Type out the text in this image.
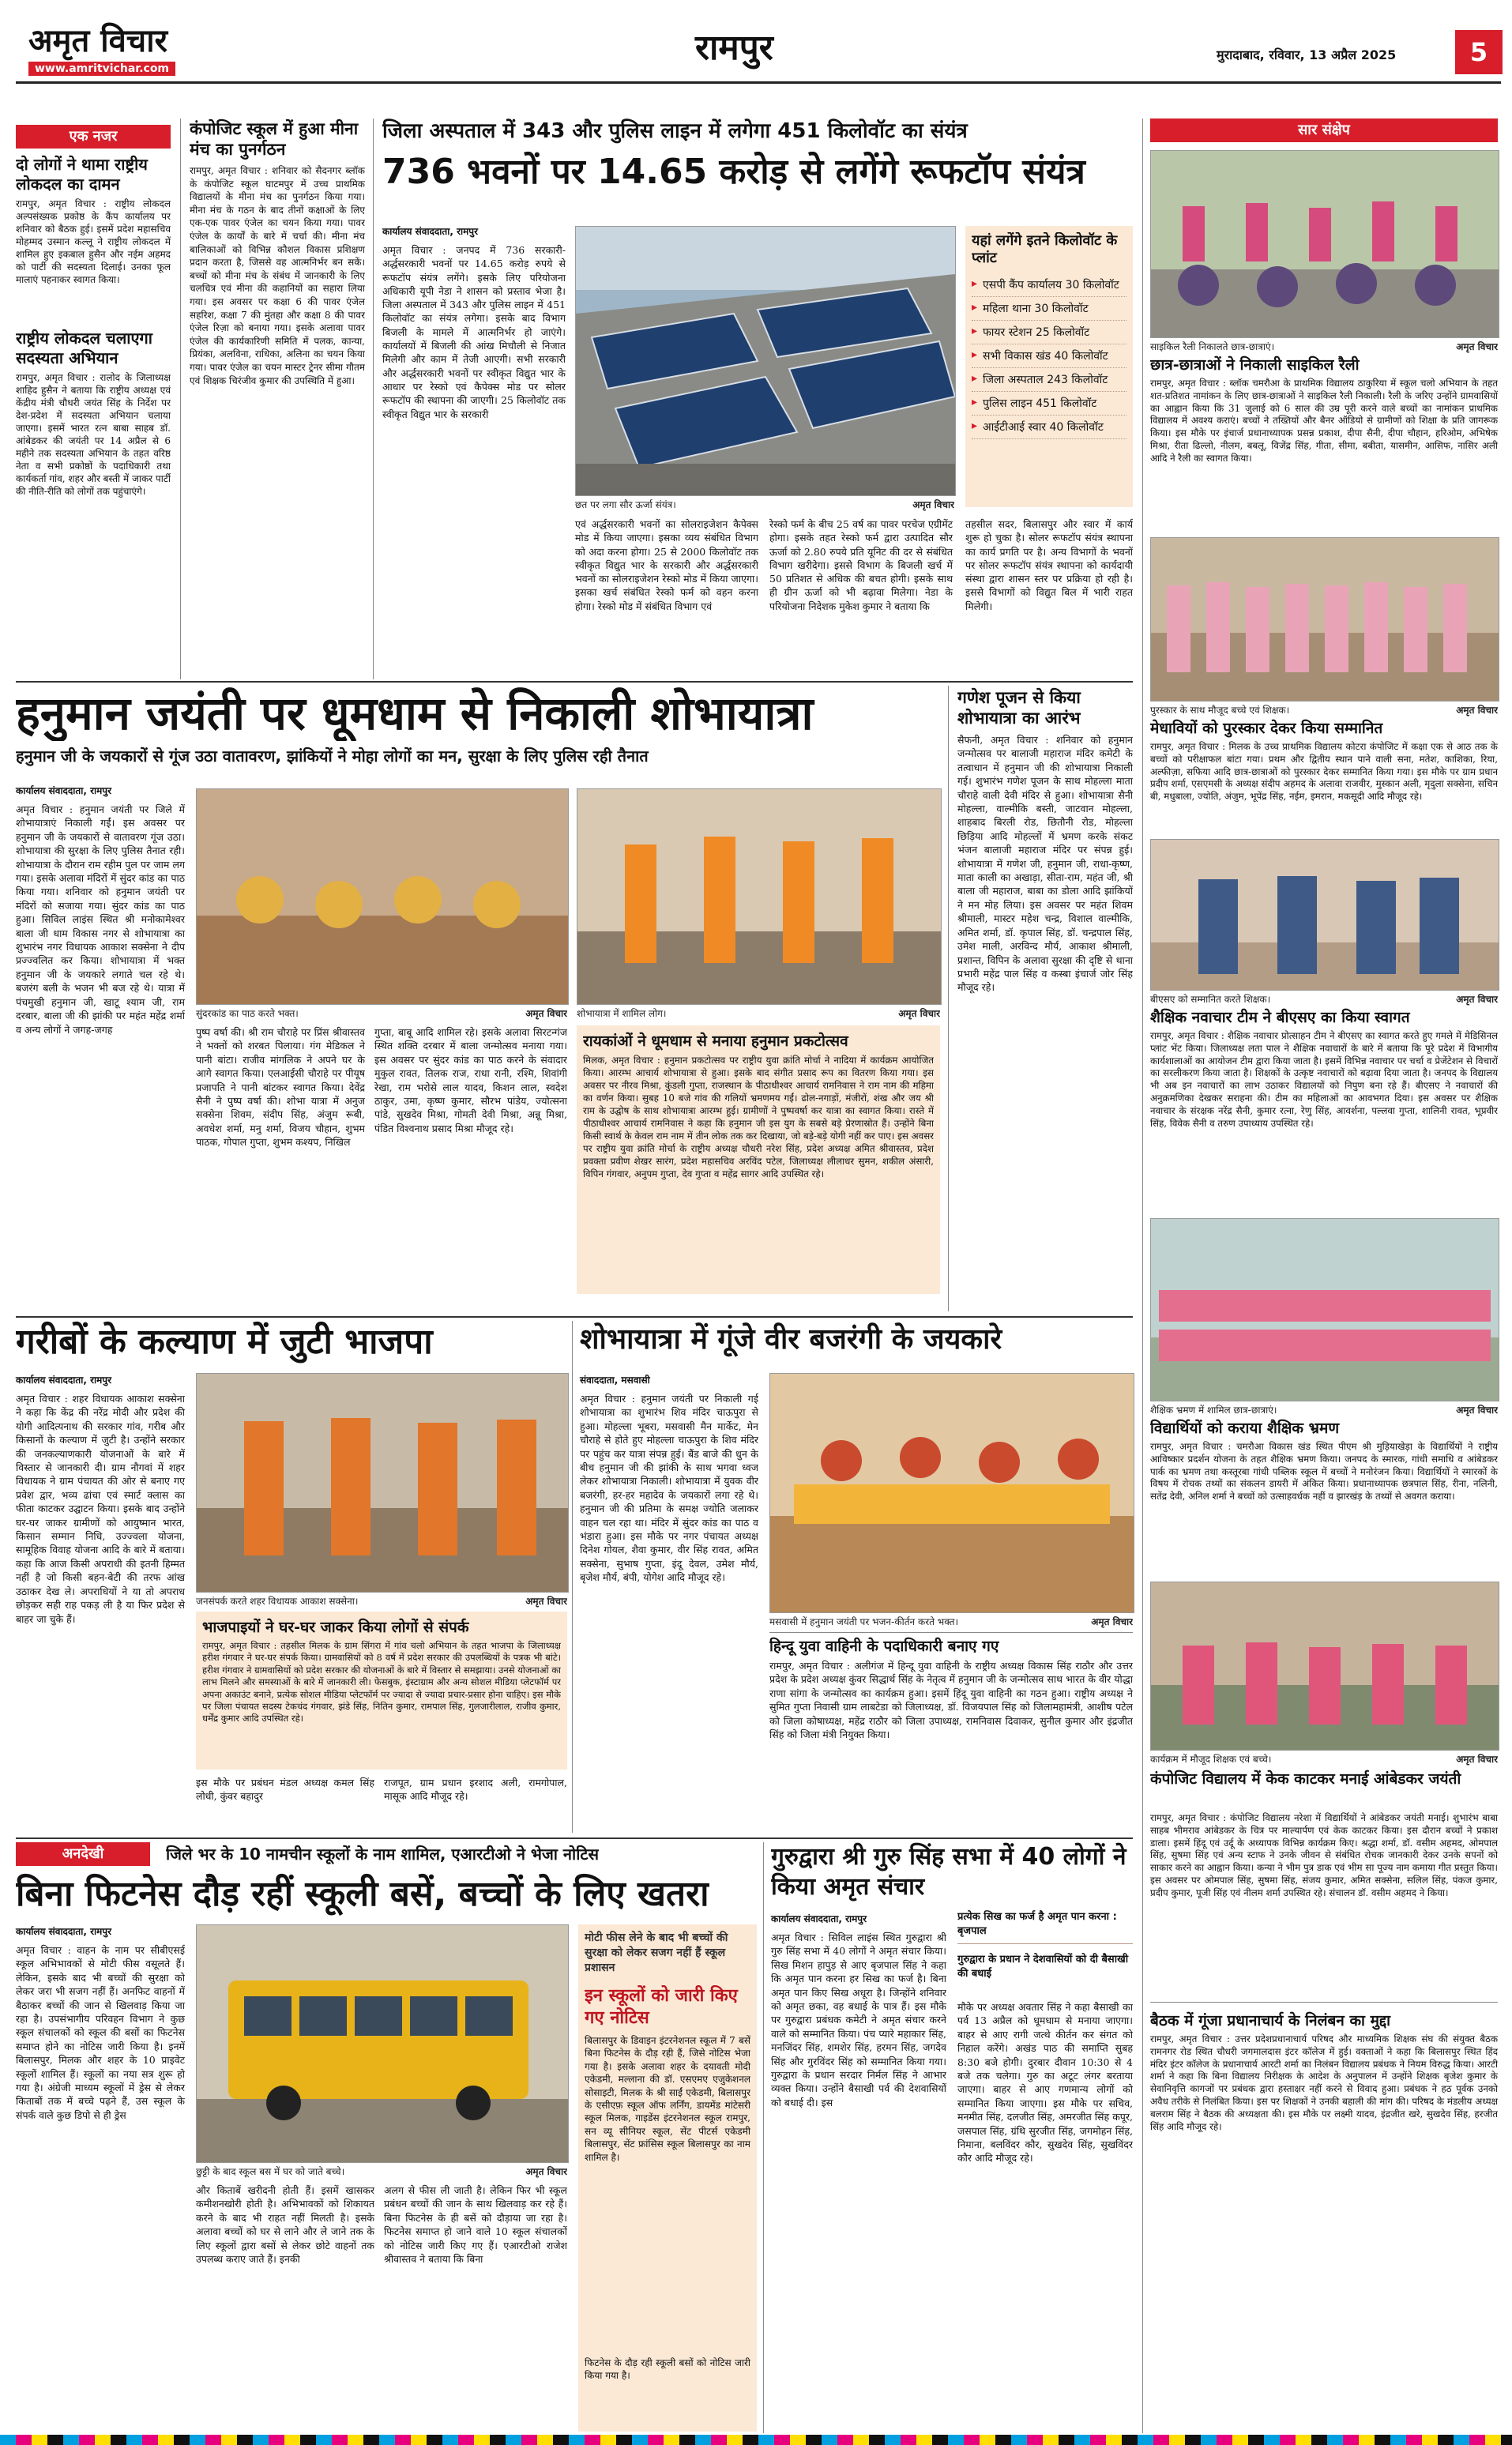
अमृत विचार
www.amritvichar.com
रामपुर	मुरादाबाद, रविवार, 13 अप्रैल 2025	5
एक नजर
दो लोगों ने थामा राष्ट्रीय लोकदल का दामन
रामपुर, अमृत विचार : राष्ट्रीय लोकदल अल्पसंख्यक प्रकोष्ठ के कैंप कार्यालय पर शनिवार को बैठक हुई। इसमें प्रदेश महासचिव मोहम्मद उस्मान कल्लू ने राष्ट्रीय लोकदल में शामिल हुए इकबाल हुसैन और नईम अहमद को पार्टी की सदस्यता दिलाई। उनका फूल मालाएं पहनाकर स्वागत किया।
राष्ट्रीय लोकदल चलाएगा सदस्यता अभियान
रामपुर, अमृत विचार : रालोद के जिलाध्यक्ष शाहिद हुसैन ने बताया कि राष्ट्रीय अध्यक्ष एवं केंद्रीय मंत्री चौधरी जयंत सिंह के निर्देश पर देश-प्रदेश में सदस्यता अभियान चलाया जाएगा। इसमें भारत रत्न बाबा साहब डॉ. आंबेडकर की जयंती पर 14 अप्रैल से 6 महीने तक सदस्यता अभियान के तहत वरिष्ठ नेता व सभी प्रकोष्ठों के पदाधिकारी तथा कार्यकर्ता गांव, शहर और बस्ती में जाकर पार्टी की नीति-रीति को लोगों तक पहुंचाएंगे।
कंपोजिट स्कूल में हुआ मीना मंच का पुनर्गठन
रामपुर, अमृत विचार : शनिवार को सैदनगर ब्लॉक के कंपोजिट स्कूल घाटमपुर में उच्च प्राथमिक विद्यालयों के मीना मंच का पुनर्गठन किया गया। मीना मंच के गठन के बाद तीनों कक्षाओं के लिए एक-एक पावर एंजेल का चयन किया गया। पावर एंजेल के कार्यों के बारे में चर्चा की। मीना मंच बालिकाओं को विभिन्न कौशल विकास प्रशिक्षण प्रदान करता है, जिससे वह आत्मनिर्भर बन सकें। बच्चों को मीना मंच के संबंध में जानकारी के लिए चलचित्र एवं मीना की कहानियों का सहारा लिया गया। इस अवसर पर कक्षा 6 की पावर एंजेल सहरिश, कक्षा 7 की मुंतहा और कक्षा 8 की पावर एंजेल रिज़ा को बनाया गया। इसके अलावा पावर एंजेल की कार्यकारिणी समिति में पलक, कान्या, प्रियंका, अलविना, राधिका, अलिना का चयन किया गया। पावर एंजेल का चयन मास्टर ट्रेनर सीमा गौतम एवं शिक्षक चिरंजीव कुमार की उपस्थिति में हुआ।
जिला अस्पताल में 343 और पुलिस लाइन में लगेगा 451 किलोवॉट का संयंत्र
736 भवनों पर 14.65 करोड़ से लगेंगे रूफटॉप संयंत्र
कार्यालय संवाददाता, रामपुर
अमृत विचार : जनपद में 736 सरकारी-अर्द्धसरकारी भवनों पर 14.65 करोड़ रुपये से रूफटॉप संयंत्र लगेंगे। इसके लिए परियोजना अधिकारी यूपी नेडा ने शासन को प्रस्ताव भेजा है। जिला अस्पताल में 343 और पुलिस लाइन में 451 किलोवॉट का संयंत्र लगेगा। इसके बाद विभाग बिजली के मामले में आत्मनिर्भर हो जाएंगे। कार्यालयों में बिजली की आंख मिचौली से निजात मिलेगी और काम में तेजी आएगी। सभी सरकारी और अर्द्धसरकारी भवनों पर स्वीकृत विद्युत भार के आधार पर रेस्को एवं कैपेक्स मोड पर सोलर रूफटॉप की स्थापना की जाएगी। 25 किलोवॉट तक स्वीकृत विद्युत भार के सरकारी
छत पर लगा सौर ऊर्जा संयंत्र।	अमृत विचार
यहां लगेंगे इतने किलोवॉट के प्लांट
▸ एसपी कैंप कार्यालय 30 किलोवॉट
▸ महिला थाना 30 किलोवॉट
▸ फायर स्टेशन 25 किलोवॉट
▸ सभी विकास खंड 40 किलोवॉट
▸ जिला अस्पताल 243 किलोवॉट
▸ पुलिस लाइन 451 किलोवॉट
▸ आईटीआई स्वार 40 किलोवॉट
एवं अर्द्धसरकारी भवनों का सोलराइजेशन कैपेक्स मोड में किया जाएगा। इसका व्यय संबंधित विभाग को अदा करना होगा। 25 से 2000 किलोवॉट तक स्वीकृत विद्युत भार के सरकारी और अर्द्धसरकारी भवनों का सोलराइजेशन रेस्को मोड में किया जाएगा। इसका खर्च संबंधित रेस्को फर्म को वहन करना होगा। रेस्को मोड में संबंधित विभाग एवं
रेस्को फर्म के बीच 25 वर्ष का पावर परचेज एग्रीमेंट होगा। इसके तहत रेस्को फर्म द्वारा उत्पादित सौर ऊर्जा को 2.80 रुपये प्रति यूनिट की दर से संबंधित विभाग खरीदेगा। इससे विभाग के बिजली खर्च में 50 प्रतिशत से अधिक की बचत होगी। इसके साथ ही ग्रीन ऊर्जा को भी बढ़ावा मिलेगा। नेडा के परियोजना निदेशक मुकेश कुमार ने बताया कि
तहसील सदर, बिलासपुर और स्वार में कार्य शुरू हो चुका है। सोलर रूफटॉप संयंत्र स्थापना का कार्य प्रगति पर है। अन्य विभागों के भवनों पर सोलर रूफटॉप संयंत्र स्थापना को कार्यदायी संस्था द्वारा शासन स्तर पर प्रक्रिया हो रही है। इससे विभागों को विद्युत बिल में भारी राहत मिलेगी।
सार संक्षेप
साइकिल रैली निकालते छात्र-छात्राएं।	अमृत विचार
छात्र-छात्राओं ने निकाली साइकिल रैली
रामपुर, अमृत विचार : ब्लॉक चमरौआ के प्राथमिक विद्यालय ठाकुरिया में स्कूल चलो अभियान के तहत शत-प्रतिशत नामांकन के लिए छात्र-छात्राओं ने साइकिल रैली निकाली। रैली के जरिए उन्होंने ग्रामवासियों का आह्वान किया कि 31 जुलाई को 6 साल की उम्र पूरी करने वाले बच्चों का नामांकन प्राथमिक विद्यालय में अवश्य कराएं। बच्चों ने तख्तियों और बैनर ऑडियो से ग्रामीणों को शिक्षा के प्रति जागरूक किया। इस मौके पर इंचार्ज प्रधानाध्यापक प्रसन्न प्रकाश, दीपा सैनी, दीपा चौहान, हरिओम, अभिषेक मिश्रा, रीता ढिल्लो, नीलम, बबलू, विजेंद्र सिंह, गीता, सीमा, बबीता, यासमीन, आसिफ, नासिर अली आदि ने रैली का स्वागत किया।
पुरस्कार के साथ मौजूद बच्चे एवं शिक्षक।	अमृत विचार
मेधावियों को पुरस्कार देकर किया सम्मानित
रामपुर, अमृत विचार : मिलक के उच्च प्राथमिक विद्यालय कोटरा कंपोजिट में कक्षा एक से आठ तक के बच्चों को परीक्षाफल बांटा गया। प्रथम और द्वितीय स्थान पाने वाली सना, मतेश, काशिका, रिया, अल्फीज़ा, सफिया आदि छात्र-छात्राओं को पुरस्कार देकर सम्मानित किया गया। इस मौके पर ग्राम प्रधान प्रदीप शर्मा, एसएमसी के अध्यक्ष संदीप अहमद के अलावा राजवीर, मुस्कान अली, मृदुला सक्सेना, सचिन बी, मधुबाला, ज्योति, अंजुम, भूपेंद्र सिंह, नईम, इमरान, मकसूदी आदि मौजूद रहे।
बीएसए को सम्मानित करते शिक्षक।	अमृत विचार
शैक्षिक नवाचार टीम ने बीएसए का किया स्वागत
रामपुर, अमृत विचार : शैक्षिक नवाचार प्रोत्साहन टीम ने बीएसए का स्वागत करते हुए गमले में मेडिसिनल प्लांट भेंट किया। जिलाध्यक्ष लता पाल ने शैक्षिक नवाचारों के बारे में बताया कि पूरे प्रदेश में विभागीय कार्यशालाओं का आयोजन टीम द्वारा किया जाता है। इसमें विभिन्न नवाचार पर चर्चा व प्रेजेंटेशन से विचारों का सरलीकरण किया जाता है। शिक्षकों के उत्कृष्ट नवाचारों को बढ़ावा दिया जाता है। जनपद के विद्यालय भी अब इन नवाचारों का लाभ उठाकर विद्यालयों को निपुण बना रहे हैं। बीएसए ने नवाचारों की अनुक्रमणिका देखकर सराहना की। टीम का महिलाओं का आवभगत दिया। इस अवसर पर शैक्षिक नवाचार के संरक्षक नरेंद्र सैनी, कुमार रत्ना, रेणु सिंह, आवर्शना, पल्लवा गुप्ता, शालिनी रावत, भूप्रवीर सिंह, विवेक सैनी व तरुण उपाध्याय उपस्थित रहे।
शैक्षिक भ्रमण में शामिल छात्र-छात्राएं।	अमृत विचार
विद्यार्थियों को कराया शैक्षिक भ्रमण
रामपुर, अमृत विचार : चमरौआ विकास खंड स्थित पीएम श्री मुड़ियाखेड़ा के विद्यार्थियों ने राष्ट्रीय आविष्कार प्रदर्शन योजना के तहत शैक्षिक भ्रमण किया। जनपद के स्मारक, गांधी समाधि व आंबेडकर पार्क का भ्रमण तथा कस्तूरबा गांधी पब्लिक स्कूल में बच्चों ने मनोरंजन किया। विद्यार्थियों ने स्मारकों के विषय में रोचक तथ्यों का संकलन डायरी में अंकित किया। प्रधानाध्यापक छत्रपाल सिंह, रीना, नलिनी, सतेंद्र देवी, अनिल शर्मा ने बच्चों को उत्साहवर्धक नहीं व झारखंड़ के तथ्यों से अवगत कराया।
कार्यक्रम में मौजूद शिक्षक एवं बच्चे।	अमृत विचार
कंपोजिट विद्यालय में केक काटकर मनाई आंबेडकर जयंती
रामपुर, अमृत विचार : कंपोजिट विद्यालय नरेशा में विद्यार्थियों ने आंबेडकर जयंती मनाई। शुभारंभ बाबा साहब भीमराव आंबेडकर के चित्र पर माल्यार्पण एवं केक काटकर किया। इस दौरान बच्चों ने प्रकाश डाला। इसमें हिंदू एवं उर्दू के अध्यापक विभिन्न कार्यक्रम किए। श्रद्धा शर्मा, डॉ. वसीम अहमद, ओमपाल सिंह, सुषमा सिंह एवं अन्य स्टाफ ने उनके जीवन से संबंधित रोचक जानकारी देकर उनके सपनों को साकार करने का आह्वान किया। कन्या ने भीम पुत्र डाक एवं भीम सा पूज्य नाम कमाया गीत प्रस्तुत किया। इस अवसर पर ओमपाल सिंह, सुषमा सिंह, संजय कुमार, अमित सक्सेना, सलिल सिंह, पंकज कुमार, प्रदीप कुमार, पूजी सिंह एवं नीलम शर्मा उपस्थित रहे। संचालन डॉ. वसीम अहमद ने किया।
बैठक में गूंजा प्रधानाचार्य के निलंबन का मुद्दा
रामपुर, अमृत विचार : उत्तर प्रदेशप्रधानाचार्य परिषद और माध्यमिक शिक्षक संघ की संयुक्त बैठक रामनगर रोड स्थित चौधरी जगमालदास इंटर कॉलेज में हुई। वक्ताओं ने कहा कि बिलासपुर स्थित हिंद मंदिर इंटर कॉलेज के प्रधानाचार्य आरटी शर्मा का निलंबन विद्यालय प्रबंधक ने नियम विरुद्ध किया। आरटी शर्मा ने कहा कि बिना विद्यालय निरीक्षक के आदेश के अनुपालन में उन्होंने शिक्षक बृजेश कुमार के सेवानिवृत्ति कागजों पर प्रबंधक द्वारा हस्ताक्षर नहीं करने से विवाद हुआ। प्रबंधक ने हठ पूर्वक उनको अवैध तरीके से निलंबित किया। इस पर शिक्षकों ने उनकी बहाली की मांग की। परिषद के मंडलीय अध्यक्ष बलराम सिंह ने बैठक की अध्यक्षता की। इस मौके पर लक्ष्मी यादव, इंद्रजीत खरे, सुखदेव सिंह, हरजीत सिंह आदि मौजूद रहे।
हनुमान जयंती पर धूमधाम से निकाली शोभायात्रा
हनुमान जी के जयकारों से गूंज उठा वातावरण, झांकियों ने मोहा लोगों का मन, सुरक्षा के लिए पुलिस रही तैनात
कार्यालय संवाददाता, रामपुर
अमृत विचार : हनुमान जयंती पर जिले में शोभायात्राएं निकाली गईं। इस अवसर पर हनुमान जी के जयकारों से वातावरण गूंज उठा। शोभायात्रा की सुरक्षा के लिए पुलिस तैनात रही। शोभायात्रा के दौरान राम रहीम पुल पर जाम लग गया। इसके अलावा मंदिरों में सुंदर कांड का पाठ किया गया। शनिवार को हनुमान जयंती पर मंदिरों को सजाया गया। सुंदर कांड का पाठ हुआ। सिविल लाइंस स्थित श्री मनोकामेश्वर बाला जी धाम विकास नगर से शोभायात्रा का शुभारंभ नगर विधायक आकाश सक्सेना ने दीप प्रज्ज्वलित कर किया। शोभायात्रा में भक्त हनुमान जी के जयकारे लगाते चल रहे थे। बजरंग बली के भजन भी बज रहे थे। यात्रा में पंचमुखी हनुमान जी, खाटू श्याम जी, राम दरबार, बाला जी की झांकी पर महंत महेंद्र शर्मा व अन्य लोगों ने जगह-जगह
सुंदरकांड का पाठ करते भक्त।	अमृत विचार शोभायात्रा में शामिल लोग।	अमृत विचार
पुष्प वर्षा की। श्री राम चौराहे पर प्रिंस श्रीवास्तव ने भक्तों को शरबत पिलाया। गंग मेडिकल ने पानी बांटा। राजीव मांगलिक ने अपने घर के आगे स्वागत किया। एलआईसी चौराहे पर पीयूष प्रजापति ने पानी बांटकर स्वागत किया। देवेंद्र सैनी ने पुष्प वर्षा की। शोभा यात्रा में अनुज सक्सेना शिवम, संदीप सिंह, अंजुम रूबी, अवधेश शर्मा, मनु शर्मा, विजय चौहान, शुभम पाठक, गोपाल गुप्ता, शुभम कश्यप, निखिल
गुप्ता, बाबू आदि शामिल रहे। इसके अलावा सिरटन्गंज स्थित शक्ति दरबार में बाला जन्मोत्सव मनाया गया। इस अवसर पर सुंदर कांड का पाठ करने के संवादार मुकुल रावत, तिलक राज, राधा रानी, रश्मि, शिवांगी रेखा, राम भरोसे लाल यादव, किशन लाल, स्वदेश ठाकुर, उमा, कृष्ण कुमार, सौरभ पांडेय, ज्योत्सना पांडे, सुखदेव मिश्रा, गोमती देवी मिश्रा, अन्नू मिश्रा, पंडित विश्वनाथ प्रसाद मिश्रा मौजूद रहे।
रायकांओं ने धूमधाम से मनाया हनुमान प्रकटोत्सव
मिलक, अमृत विचार : हनुमान प्रकटोत्सव पर राष्ट्रीय युवा क्रांति मोर्चा ने नादिया में कार्यक्रम आयोजित किया। आरम्भ आचार्य शोभायात्रा से हुआ। इसके बाद संगीत प्रसाद रूप का वितरण किया गया। इस अवसर पर नीरव मिश्रा, कुंडली गुप्ता, राजस्थान के पीठाधीश्वर आचार्य रामनिवास ने राम नाम की महिमा का वर्णन किया। सुबह 10 बजे गांव की गलियों भ्रमणमय गईं। ढोल-नगाड़ों, मंजीरों, शंख और जय श्री राम के उद्घोष के साथ शोभायात्रा आरम्भ हुई। ग्रामीणों ने पुष्पवर्षा कर यात्रा का स्वागत किया। रास्ते में पीठाधीश्वर आचार्य रामनिवास ने कहा कि हनुमान जी इस युग के सबसे बड़े प्रेरणास्रोत हैं। उन्होंने बिना किसी स्वार्थ के केवल राम नाम में तीन लोक तक कर दिखाया, जो बड़े-बड़े योगी नहीं कर पाए। इस अवसर पर राष्ट्रीय युवा क्रांति मोर्चा के राष्ट्रीय अध्यक्ष चौधरी नरेश सिंह, प्रदेश अध्यक्ष अमित श्रीवास्तव, प्रदेश प्रवक्ता प्रवीण शेखर सारंग, प्रदेश महासचिव अरविंद पटेल, जिलाध्यक्ष लीलाधर सुमन, शकील अंसारी, विपिन गंगवार, अनुपम गुप्ता, देव गुप्ता व महेंद्र सागर आदि उपस्थित रहे।
गणेश पूजन से किया शोभायात्रा का आरंभ
सैफनी, अमृत विचार : शनिवार को हनुमान जन्मोत्सव पर बालाजी महाराज मंदिर कमेटी के तत्वाधान में हनुमान जी की शोभायात्रा निकाली गई। शुभारंभ गणेश पूजन के साथ मोहल्ला माता चौराहे वाली देवी मंदिर से हुआ। शोभायात्रा सैनी मोहल्ला, वाल्मीकि बस्ती, जाटवान मोहल्ला, शाहबाद बिरली रोड, छितौनी रोड, मोहल्ला छिड़िया आदि मोहल्लों में भ्रमण करके संकट भंजन बालाजी महाराज मंदिर पर संपन्न हुई। शोभायात्रा में गणेश जी, हनुमान जी, राधा-कृष्ण, माता काली का अखाड़ा, सीता-राम, महंत जी, श्री बाला जी महाराज, बाबा का डोला आदि झांकियों ने मन मोह लिया। इस अवसर पर महंत शिवम श्रीमाली, मास्टर महेश चन्द्र, विशाल वाल्मीकि, अमित शर्मा, डॉ. कृपाल सिंह, डॉ. चन्द्रपाल सिंह, उमेश माली, अरविन्द मौर्य, आकाश श्रीमाली, प्रशान्त, विपिन के अलावा सुरक्षा की दृष्टि से थाना प्रभारी महेंद्र पाल सिंह व कस्बा इंचार्ज जोर सिंह मौजूद रहे।
गरीबों के कल्याण में जुटी भाजपा
कार्यालय संवाददाता, रामपुर
अमृत विचार : शहर विधायक आकाश सक्सेना ने कहा कि केंद्र की नरेंद्र मोदी और प्रदेश की योगी आदित्यनाथ की सरकार गांव, गरीब और किसानों के कल्याण में जुटी है। उन्होंने सरकार की जनकल्याणकारी योजनाओं के बारे में विस्तार से जानकारी दी। ग्राम नौगवां में शहर विधायक ने ग्राम पंचायत की ओर से बनाए गए प्रवेश द्वार, भव्य ढांचा एवं स्मार्ट क्लास का फीता काटकर उद्घाटन किया। इसके बाद उन्होंने घर-घर जाकर ग्रामीणों को आयुष्मान भारत, किसान सम्मान निधि, उज्ज्वला योजना, सामूहिक विवाह योजना आदि के बारे में बताया। कहा कि आज किसी अपराधी की इतनी हिम्मत नहीं है जो किसी बहन-बेटी की तरफ आंख उठाकर देख ले। अपराधियों ने या तो अपराध छोड़कर सही राह पकड़ ली है या फिर प्रदेश से बाहर जा चुके हैं।
जनसंपर्क करते शहर विधायक आकाश सक्सेना।	अमृत विचार
भाजपाइयों ने घर-घर जाकर किया लोगों से संपर्क
रामपुर, अमृत विचार : तहसील मिलक के ग्राम सिंगरा में गांव चलो अभियान के तहत भाजपा के जिलाध्यक्ष हरीश गंगवार ने घर-घर संपर्क किया। ग्रामवासियों को 8 वर्ष में प्रदेश सरकार की उपलब्धियों के पत्रक भी बांटे। हरीश गंगवार ने ग्रामवासियों को प्रदेश सरकार की योजनाओं के बारे में विस्तार से समझाया। उनसे योजनाओं का लाभ मिलने और समस्याओं के बारे में जानकारी ली। फेसबुक, इंस्टाग्राम और अन्य सोशल मीडिया प्लेटफॉर्म पर अपना अकाउंट बनाने, प्रत्येक सोशल मीडिया प्लेटफॉर्म पर ज्यादा से ज्यादा प्रचार-प्रसार होना चाहिए। इस मौके पर जिला पंचायत सदस्य टेकचंद गंगवार, झंडे सिंह, नितिन कुमार, रामपाल सिंह, गुलजारीलाल, राजीव कुमार, धर्मेंद्र कुमार आदि उपस्थित रहे।
इस मौके पर प्रबंधन मंडल अध्यक्ष कमल सिंह लोधी, कुंवर बहादुर
राजपूत, ग्राम प्रधान इरशाद अली, रामगोपाल, मासूक आदि मौजूद रहे।
शोभायात्रा में गूंजे वीर बजरंगी के जयकारे
संवाददाता, मसवासी
अमृत विचार : हनुमान जयंती पर निकाली गई शोभायात्रा का शुभारंभ शिव मंदिर चाऊपुरा से हुआ। मोहल्ला भूबरा, मसवासी मैन मार्केट, मेन चौराहे से होते हुए मोहल्ला चाऊपुरा के शिव मंदिर पर पहुंच कर यात्रा संपन्न हुई। बैंड बाजे की धुन के बीच हनुमान जी की झांकी के साथ भगवा ध्वज लेकर शोभायात्रा निकाली। शोभायात्रा में युवक वीर बजरंगी, हर-हर महादेव के जयकारों लगा रहे थे। हनुमान जी की प्रतिमा के समक्ष ज्योति जलाकर वाहन चल रहा था। मंदिर में सुंदर कांड का पाठ व भंडारा हुआ। इस मौके पर नगर पंचायत अध्यक्ष दिनेश गोयल, शैवा कुमार, वीर सिंह रावत, अमित सक्सेना, सुभाष गुप्ता, इंदू देवल, उमेश मौर्य, बृजेश मौर्य, बंपी, योगेश आदि मौजूद रहे।
मसवासी में हनुमान जयंती पर भजन-कीर्तन करते भक्त।	अमृत विचार
हिन्दू युवा वाहिनी के पदाधिकारी बनाए गए
रामपुर, अमृत विचार : अलीगंज में हिन्दू युवा वाहिनी के राष्ट्रीय अध्यक्ष विकास सिंह राठौर और उत्तर प्रदेश के प्रदेश अध्यक्ष कुंवर सिद्धार्थ सिंह के नेतृत्व में हनुमान जी के जन्मोत्सव साथ भारत के वीर योद्धा राणा सांगा के जन्मोत्सव का कार्यक्रम हुआ। इसमें हिंदू युवा वाहिनी का गठन हुआ। राष्ट्रीय अध्यक्ष ने सुमित गुप्ता निवासी ग्राम लाबटेडा को जिलाध्यक्ष, डॉ. विजयपाल सिंह को जिलामहामंत्री, आशीष पटेल को जिला कोषाध्यक्ष, महेंद्र राठौर को जिला उपाध्यक्ष, रामनिवास दिवाकर, सुनील कुमार और इंद्रजीत सिंह को जिला मंत्री नियुक्त किया।
अनदेखी	जिले भर के 10 नामचीन स्कूलों के नाम शामिल, एआरटीओ ने भेजा नोटिस
बिना फिटनेस दौड़ रहीं स्कूली बसें, बच्चों के लिए खतरा
कार्यालय संवाददाता, रामपुर
अमृत विचार : वाहन के नाम पर सीबीएसई स्कूल अभिभावकों से मोटी फीस वसूलते हैं। लेकिन, इसके बाद भी बच्चों की सुरक्षा को लेकर जरा भी सजग नहीं हैं। अनफिट वाहनों में बैठाकर बच्चों की जान से खिलवाड़ किया जा रहा है। उपसंभागीय परिवहन विभाग ने कुछ स्कूल संचालकों को स्कूल की बसों का फिटनेस समाप्त होने का नोटिस जारी किया है। इनमें बिलासपुर, मिलक और शहर के 10 प्राइवेट स्कूलों शामिल हैं। स्कूलों का नया सत्र शुरू हो गया है। अंग्रेजी माध्यम स्कूलों में ड्रेस से लेकर किताबों तक में बच्चे पढ़ने हैं, उस स्कूल के संपर्क वाले कुछ डिपो से ही ड्रेस
छुट्टी के बाद स्कूल बस में घर को जाते बच्चे।	अमृत विचार
और किताबें खरीदनी होती हैं। इसमें खासकर कमीशनखोरी होती है। अभिभावकों को शिकायत करने के बाद भी राहत नहीं मिलती है। इसके अलावा बच्चों को घर से लाने और ले जाने तक के लिए स्कूलों द्वारा बसों से लेकर छोटे वाहनों तक उपलब्ध कराए जाते हैं। इनकी
अलग से फीस ली जाती है। लेकिन फिर भी स्कूल प्रबंधन बच्चों की जान के साथ खिलवाड़ कर रहे हैं। बिना फिटनेस के ही बसें को दौड़ाया जा रहा है। फिटनेस समाप्त हो जाने वाले 10 स्कूल संचालकों को नोटिस जारी किए गए हैं। एआरटीओ राजेश श्रीवास्तव ने बताया कि बिना
मोटी फीस लेने के बाद भी बच्चों की सुरक्षा को लेकर सजग नहीं हैं स्कूल प्रशासन
इन स्कूलों को जारी किए गए नोटिस
बिलासपुर के डिवाइन इंटरनेशनल स्कूल में 7 बसें बिना फिटनेस के दौड़ रही हैं, जिसे नोटिस भेजा गया है। इसके अलावा शहर के दयावती मोदी एकेडमी, मल्लाना की डॉ. एसएमए एजुकेशनल सोसाइटी, मिलक के श्री साईं एकेडमी, बिलासपुर के एसीएफ़ स्कूल ऑफ लर्निंग, डायमेंड मांटेसरी स्कूल मिलक, गाइडेंस इंटरनेशनल स्कूल रामपुर, सन व्यू सीनियर स्कूल, सेंट पीटर्स एकेडमी बिलासपुर, सेंट फ्रांसिस स्कूल बिलासपुर का नाम शामिल है।
फिटनेस के दौड़ रही स्कूली बसों को नोटिस जारी किया गया है।
गुरुद्वारा श्री गुरु सिंह सभा में 40 लोगों ने किया अमृत संचार
कार्यालय संवाददाता, रामपुर	प्रत्येक सिख का फर्ज है अमृत पान करना : बृजपाल
गुरुद्वारा के प्रधान ने देशवासियों को दी बैसाखी की बधाई
अमृत विचार : सिविल लाइंस स्थित गुरुद्वारा श्री गुरु सिंह सभा में 40 लोगों ने अमृत संचार किया। सिख मिशन हापुड़ से आए बृजपाल सिंह ने कहा कि अमृत पान करना हर सिख का फर्ज है। बिना अमृत पान किए सिख अधूरा है। जिन्होंने शनिवार को अमृत छका, वह बधाई के पात्र हैं। इस मौके पर गुरुद्वारा प्रबंधक कमेटी ने अमृत संचार करने वाले को सम्मानित किया। पंच प्यारे महाकार सिंह, मनजिंदर सिंह, शमशेर सिंह, हरमन सिंह, जगदेव सिंह और गुरविंदर सिंह को सम्मानित किया गया। गुरुद्वारा के प्रधान सरदार निर्मल सिंह ने आभार व्यक्त किया। उन्होंने बैसाखी पर्व की देशवासियों को बधाई दी। इस
मौके पर अध्यक्ष अवतार सिंह ने कहा बैसाखी का पर्व 13 अप्रैल को धूमधाम से मनाया जाएगा। बाहर से आए रागी जत्थे कीर्तन कर संगत को निहाल करेंगे। अखंड पाठ की समाप्ति सुबह 8:30 बजे होगी। दुरबार दीवान 10:30 से 4 बजे तक चलेगा। गुरु का अटूट लंगर बरताया जाएगा। बाहर से आए गणमान्य लोगों को सम्मानित किया जाएगा। इस मौके पर सचिव, मनमीत सिंह, दलजीत सिंह, अमरजीत सिंह कपूर, जसपाल सिंह, ग्रंथि सुरजीत सिंह, जगमोहन सिंह, निमाना, बलविंदर कौर, सुखदेव सिंह, सुखविंदर कौर आदि मौजूद रहे।
